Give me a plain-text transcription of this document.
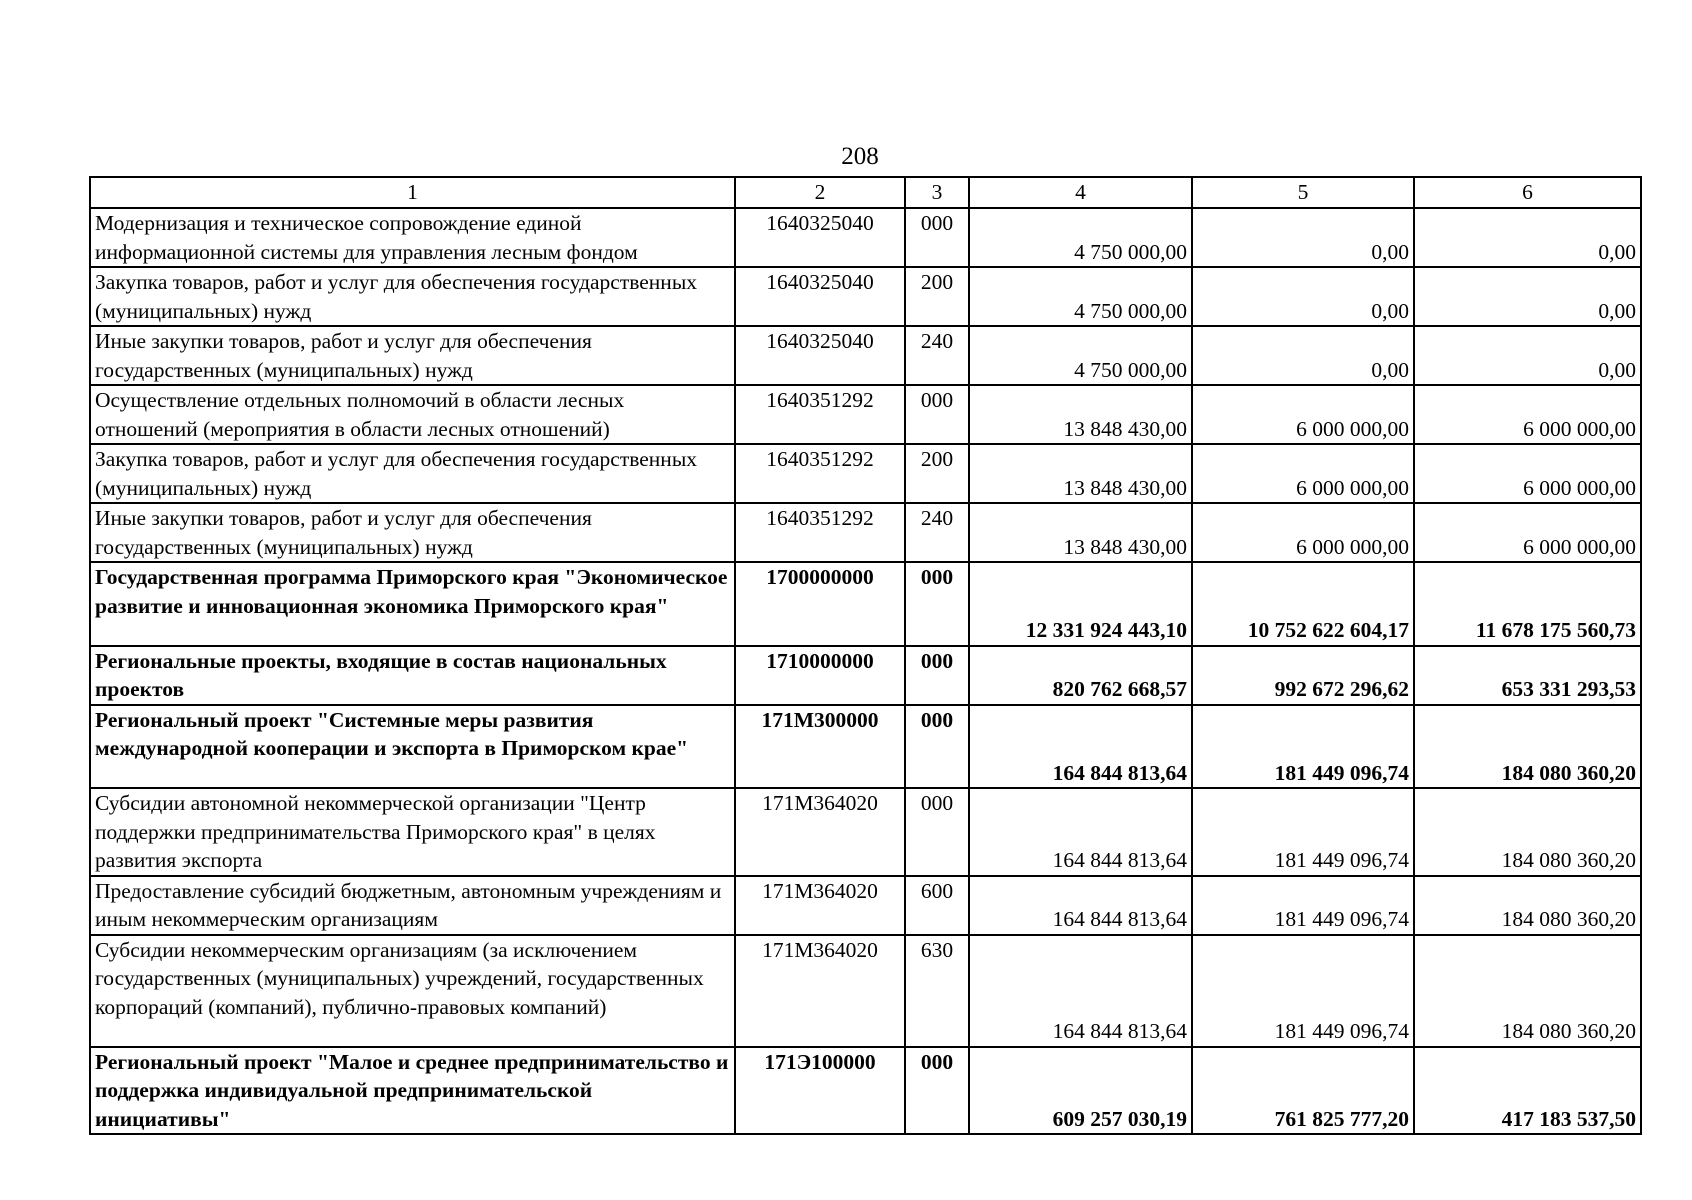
208
1	2	3	4	5	6
Модернизация и техническое сопровождение единой информационной системы для управления лесным фондом	1640325040	000	4 750 000,00	0,00	0,00
Закупка товаров, работ и услуг для обеспечения государственных (муниципальных) нужд	1640325040	200	4 750 000,00	0,00	0,00
Иные закупки товаров, работ и услуг для обеспечения государственных (муниципальных) нужд	1640325040	240	4 750 000,00	0,00	0,00
Осуществление отдельных полномочий в области лесных отношений (мероприятия в области лесных отношений)	1640351292	000	13 848 430,00	6 000 000,00	6 000 000,00
Закупка товаров, работ и услуг для обеспечения государственных (муниципальных) нужд	1640351292	200	13 848 430,00	6 000 000,00	6 000 000,00
Иные закупки товаров, работ и услуг для обеспечения государственных (муниципальных) нужд	1640351292	240	13 848 430,00	6 000 000,00	6 000 000,00
Государственная программа Приморского края "Экономическое развитие и инновационная экономика Приморского края"	1700000000	000	12 331 924 443,10	10 752 622 604,17	11 678 175 560,73
Региональные проекты, входящие в состав национальных проектов	1710000000	000	820 762 668,57	992 672 296,62	653 331 293,53
Региональный проект "Системные меры развития международной кооперации и экспорта в Приморском крае"	171М300000	000	164 844 813,64	181 449 096,74	184 080 360,20
Субсидии автономной некоммерческой организации "Центр поддержки предпринимательства Приморского края" в целях развития экспорта	171М364020	000	164 844 813,64	181 449 096,74	184 080 360,20
Предоставление субсидий бюджетным, автономным учреждениям и иным некоммерческим организациям	171М364020	600	164 844 813,64	181 449 096,74	184 080 360,20
Субсидии некоммерческим организациям (за исключением государственных (муниципальных) учреждений, государственных корпораций (компаний), публично-правовых компаний)	171М364020	630	164 844 813,64	181 449 096,74	184 080 360,20
Региональный проект "Малое и среднее предпринимательство и поддержка индивидуальной предпринимательской инициативы"	171Э100000	000	609 257 030,19	761 825 777,20	417 183 537,50
